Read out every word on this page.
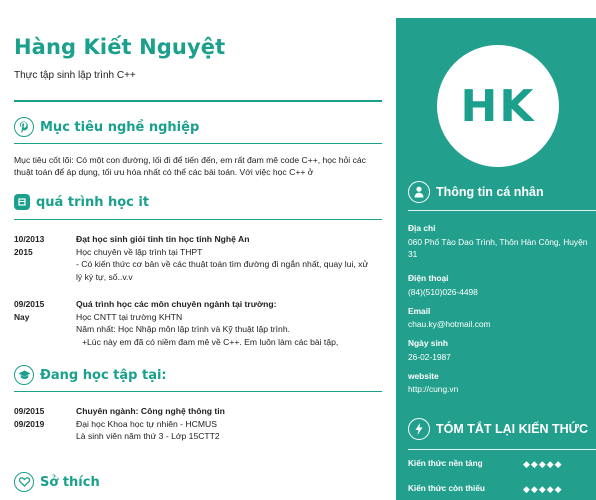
Hàng Kiết Nguyệt
Thực tập sinh lập trình C++
Mục tiêu nghề nghiệp
Mục tiêu cốt lõi: Có một con đường, lối đi để tiến đến, em rất đam mê code C++, học hỏi các thuật toán để áp dụng, tối ưu hóa nhất có thể các bài toán. Với việc học C++ ở
quá trình học it
10/2013
2015
Đạt học sinh giỏi tỉnh tin học tỉnh Nghệ An
Học chuyên về lập trình tại THPT
- Có kiến thức cơ bản về các thuật toán tìm đường đi ngắn nhất, quay lui, xử lý ký tự, số..v.v
09/2015
Nay
Quá trình học các môn chuyên ngành tại trường:
Học CNTT tại trường KHTN
Năm nhất: Học Nhập môn lập trình và Kỹ thuật lập trình.
+Lúc này em đã có niềm đam mê về C++. Em luôn làm các bài tập,
Đang học tập tại:
09/2015
09/2019
Chuyên ngành: Công nghệ thông tin
Đại học Khoa học tự nhiên - HCMUS
Là sinh viên năm thứ 3 - Lớp 15CTT2
Sở thích
HK
Thông tin cá nhân
Địa chỉ
060 Phố Tào Dao Trình, Thôn Hàn Công, Huyện 31
Điện thoại
(84)(510)026-4498
Email
chau.ky@hotmail.com
Ngày sinh
26-02-1987
website
http://cung.vn
TÓM TẮT LẠI KIẾN THỨC
Kiến thức nền tảng	◆◆◆◆◆
Kiến thức còn thiếu	◆◆◆◆◆
